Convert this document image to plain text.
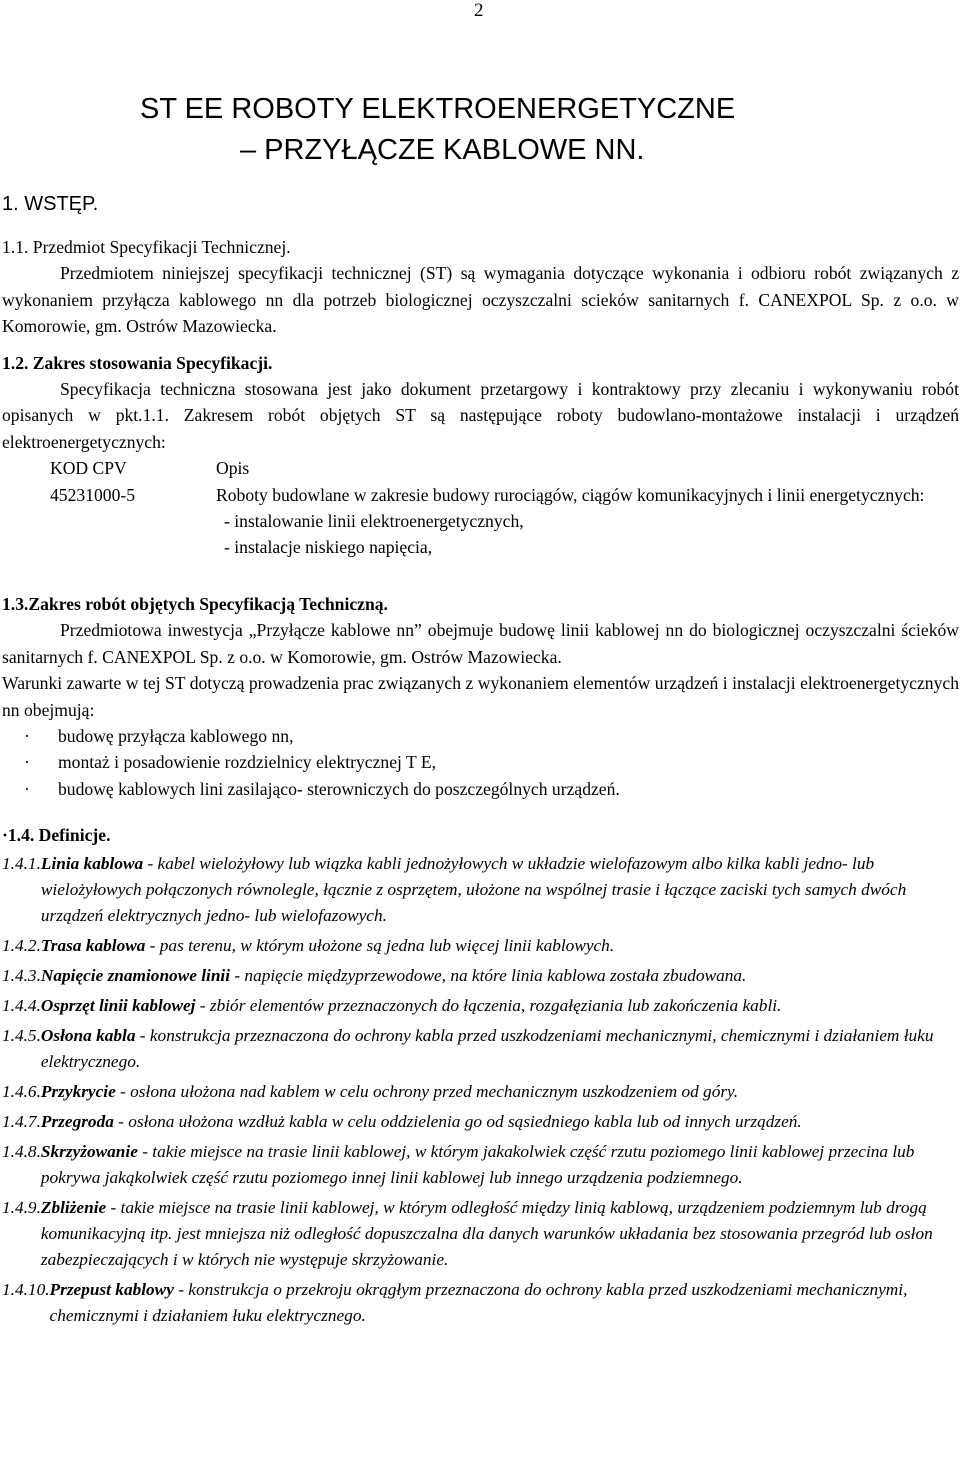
2
ST EE ROBOTY ELEKTROENERGETYCZNE
– PRZYŁĄCZE KABLOWE NN.
1. WSTĘP.

1.1. Przedmiot Specyfikacji Technicznej.

Przedmiotem niniejszej specyfikacji technicznej (ST) są wymagania dotyczące wykonania i odbioru robót związanych z wykonaniem przyłącza kablowego nn dla potrzeb biologicznej oczyszczalni scieków sanitarnych f. CANEXPOL Sp. z o.o. w Komorowie, gm. Ostrów Mazowiecka.

1.2. Zakres stosowania Specyfikacji.

Specyfikacja techniczna stosowana jest jako dokument przetargowy i kontraktowy przy zlecaniu i wykonywaniu robót opisanych w pkt.1.1. Zakresem robót objętych ST są następujące roboty budowlano-montażowe instalacji i urządzeń elektroenergetycznych:

KOD CPV	Opis
45231000-5	Roboty budowlane w zakresie budowy rurociągów, ciągów komunikacyjnych i linii energetycznych:

- instalowanie linii elektroenergetycznych,

- instalacje niskiego napięcia,

1.3.Zakres robót objętych Specyfikacją Techniczną.

Przedmiotowa inwestycja „Przyłącze kablowe nn” obejmuje budowę linii kablowej nn do biologicznej oczyszczalni ścieków sanitarnych f. CANEXPOL Sp. z o.o. w Komorowie, gm. Ostrów Mazowiecka.

Warunki zawarte w tej ST dotyczą prowadzenia prac związanych z wykonaniem elementów urządzeń i instalacji elektroenergetycznych nn obejmują:

·	budowę przyłącza kablowego nn,
·	montaż i posadowienie rozdzielnicy elektrycznej T E,
·	budowę kablowych lini zasilająco- sterowniczych do poszczególnych urządzeń.

·1.4. Definicje.

1.4.1. Linia kablowa - kabel wielożyłowy lub wiązka kabli jednożyłowych w układzie wielofazowym albo kilka kabli jedno- lub wielożyłowych połączonych równolegle, łącznie z osprzętem, ułożone na wspólnej trasie i łączące zaciski tych samych dwóch urządzeń elektrycznych jedno- lub wielofazowych.
1.4.2. Trasa kablowa - pas terenu, w którym ułożone są jedna lub więcej linii kablowych.
1.4.3. Napięcie znamionowe linii - napięcie międzyprzewodowe, na które linia kablowa została zbudowana.
1.4.4. Osprzęt linii kablowej - zbiór elementów przeznaczonych do łączenia, rozgałęziania lub zakończenia kabli.
1.4.5. Osłona kabla - konstrukcja przeznaczona do ochrony kabla przed uszkodzeniami mechanicznymi, chemicznymi i działaniem łuku elektrycznego.
1.4.6. Przykrycie - osłona ułożona nad kablem w celu ochrony przed mechanicznym uszkodzeniem od góry.
1.4.7. Przegroda - osłona ułożona wzdłuż kabla w celu oddzielenia go od sąsiedniego kabla lub od innych urządzeń.
1.4.8. Skrzyżowanie - takie miejsce na trasie linii kablowej, w którym jakakolwiek część rzutu poziomego linii kablowej przecina lub pokrywa jakąkolwiek część rzutu poziomego innej linii kablowej lub innego urządzenia podziemnego.
1.4.9. Zbliżenie - takie miejsce na trasie linii kablowej, w którym odległość między linią kablową, urządzeniem podziemnym lub drogą komunikacyjną itp. jest mniejsza niż odległość dopuszczalna dla danych warunków układania bez stosowania przegród lub osłon zabezpieczających i w których nie występuje skrzyżowanie.
1.4.10. Przepust kablowy - konstrukcja o przekroju okrągłym przeznaczona do ochrony kabla przed uszkodzeniami mechanicznymi, chemicznymi i działaniem łuku elektrycznego.
